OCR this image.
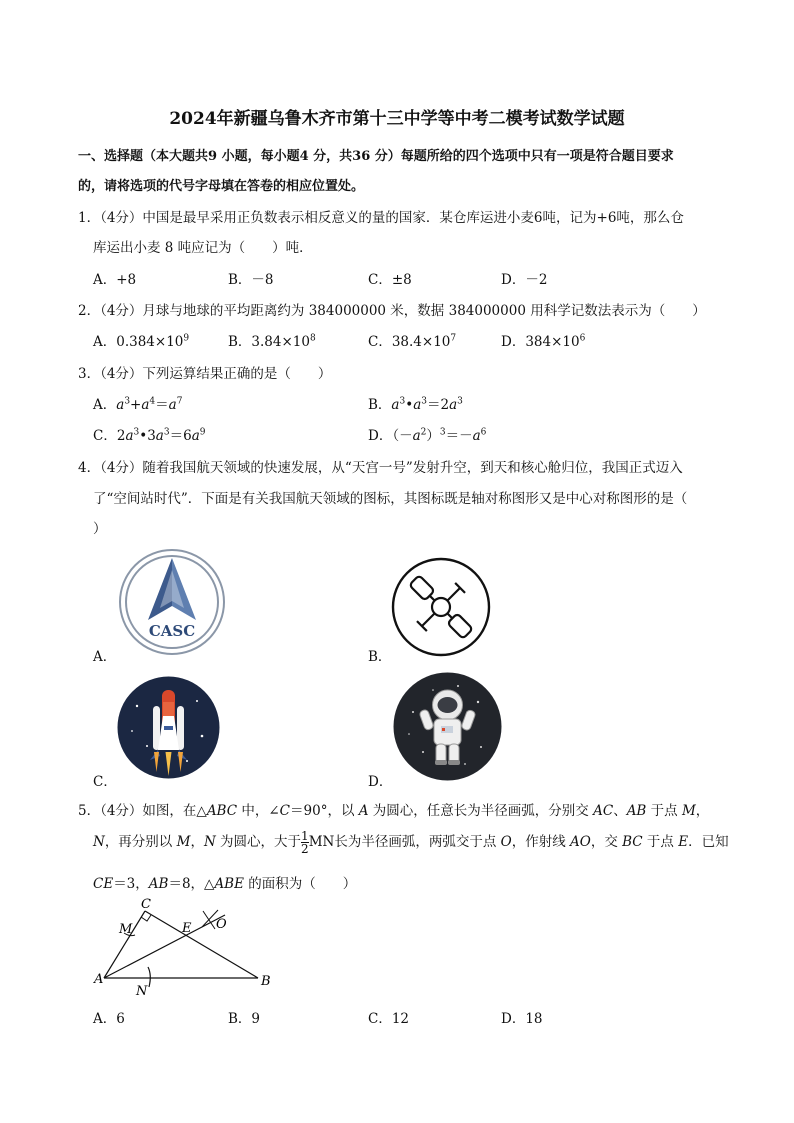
2024年新疆乌鲁木齐市第十三中学等中考二模考试数学试题
一、选择题（本大题共9 小题，每小题4 分，共36 分）每题所给的四个选项中只有一项是符合题目要求
的，请将选项的代号字母填在答卷的相应位置处。
1．（4分）中国是最早采用正负数表示相反意义的量的国家．某仓库运进小麦6吨，记为+6吨，那么仓
库运出小麦 8 吨应记为（　　）吨．
A．+8	B．－8	C．±8	D．－2
2．（4分）月球与地球的平均距离约为 384000000 米，数据 384000000 用科学记数法表示为（　　）
A．$0.384\times 10^9$	B．$3.84\times 10^8$	C．$38.4\times 10^7$	D．$384\times 10^6$
3．（4分）下列运算结果正确的是（　　）
A．$a^3+a^4=a^7$	B．$a^3•a^3=2a^3$
C．$2a^3•3a^3=6a^9$	D．$(-a^2)^3=-a^6$
4．（4分）随着我国航天领域的快速发展，从“天宫一号”发射升空，到天和核心舱归位，我国正式迈入
了“空间站时代”．下面是有关我国航天领域的图标，其图标既是轴对称图形又是中心对称图形的是（
）
A．	B．
C．	D．
CASC
5．（4分）如图，在△ABC 中，∠C＝90°，以 A 为圆心，任意长为半径画弧，分别交 AC、AB 于点 M，
N，再分别以 M，N 为圆心，大于 $\frac{1}{2}$ MN长为半径画弧，两弧交于点 O，作射线 AO，交 BC 于点 E．已知
CE＝3，AB＝8，△ABE 的面积为（　　）
A	B
C
E
M
N
O
A．6	B．9	C．12	D．18
